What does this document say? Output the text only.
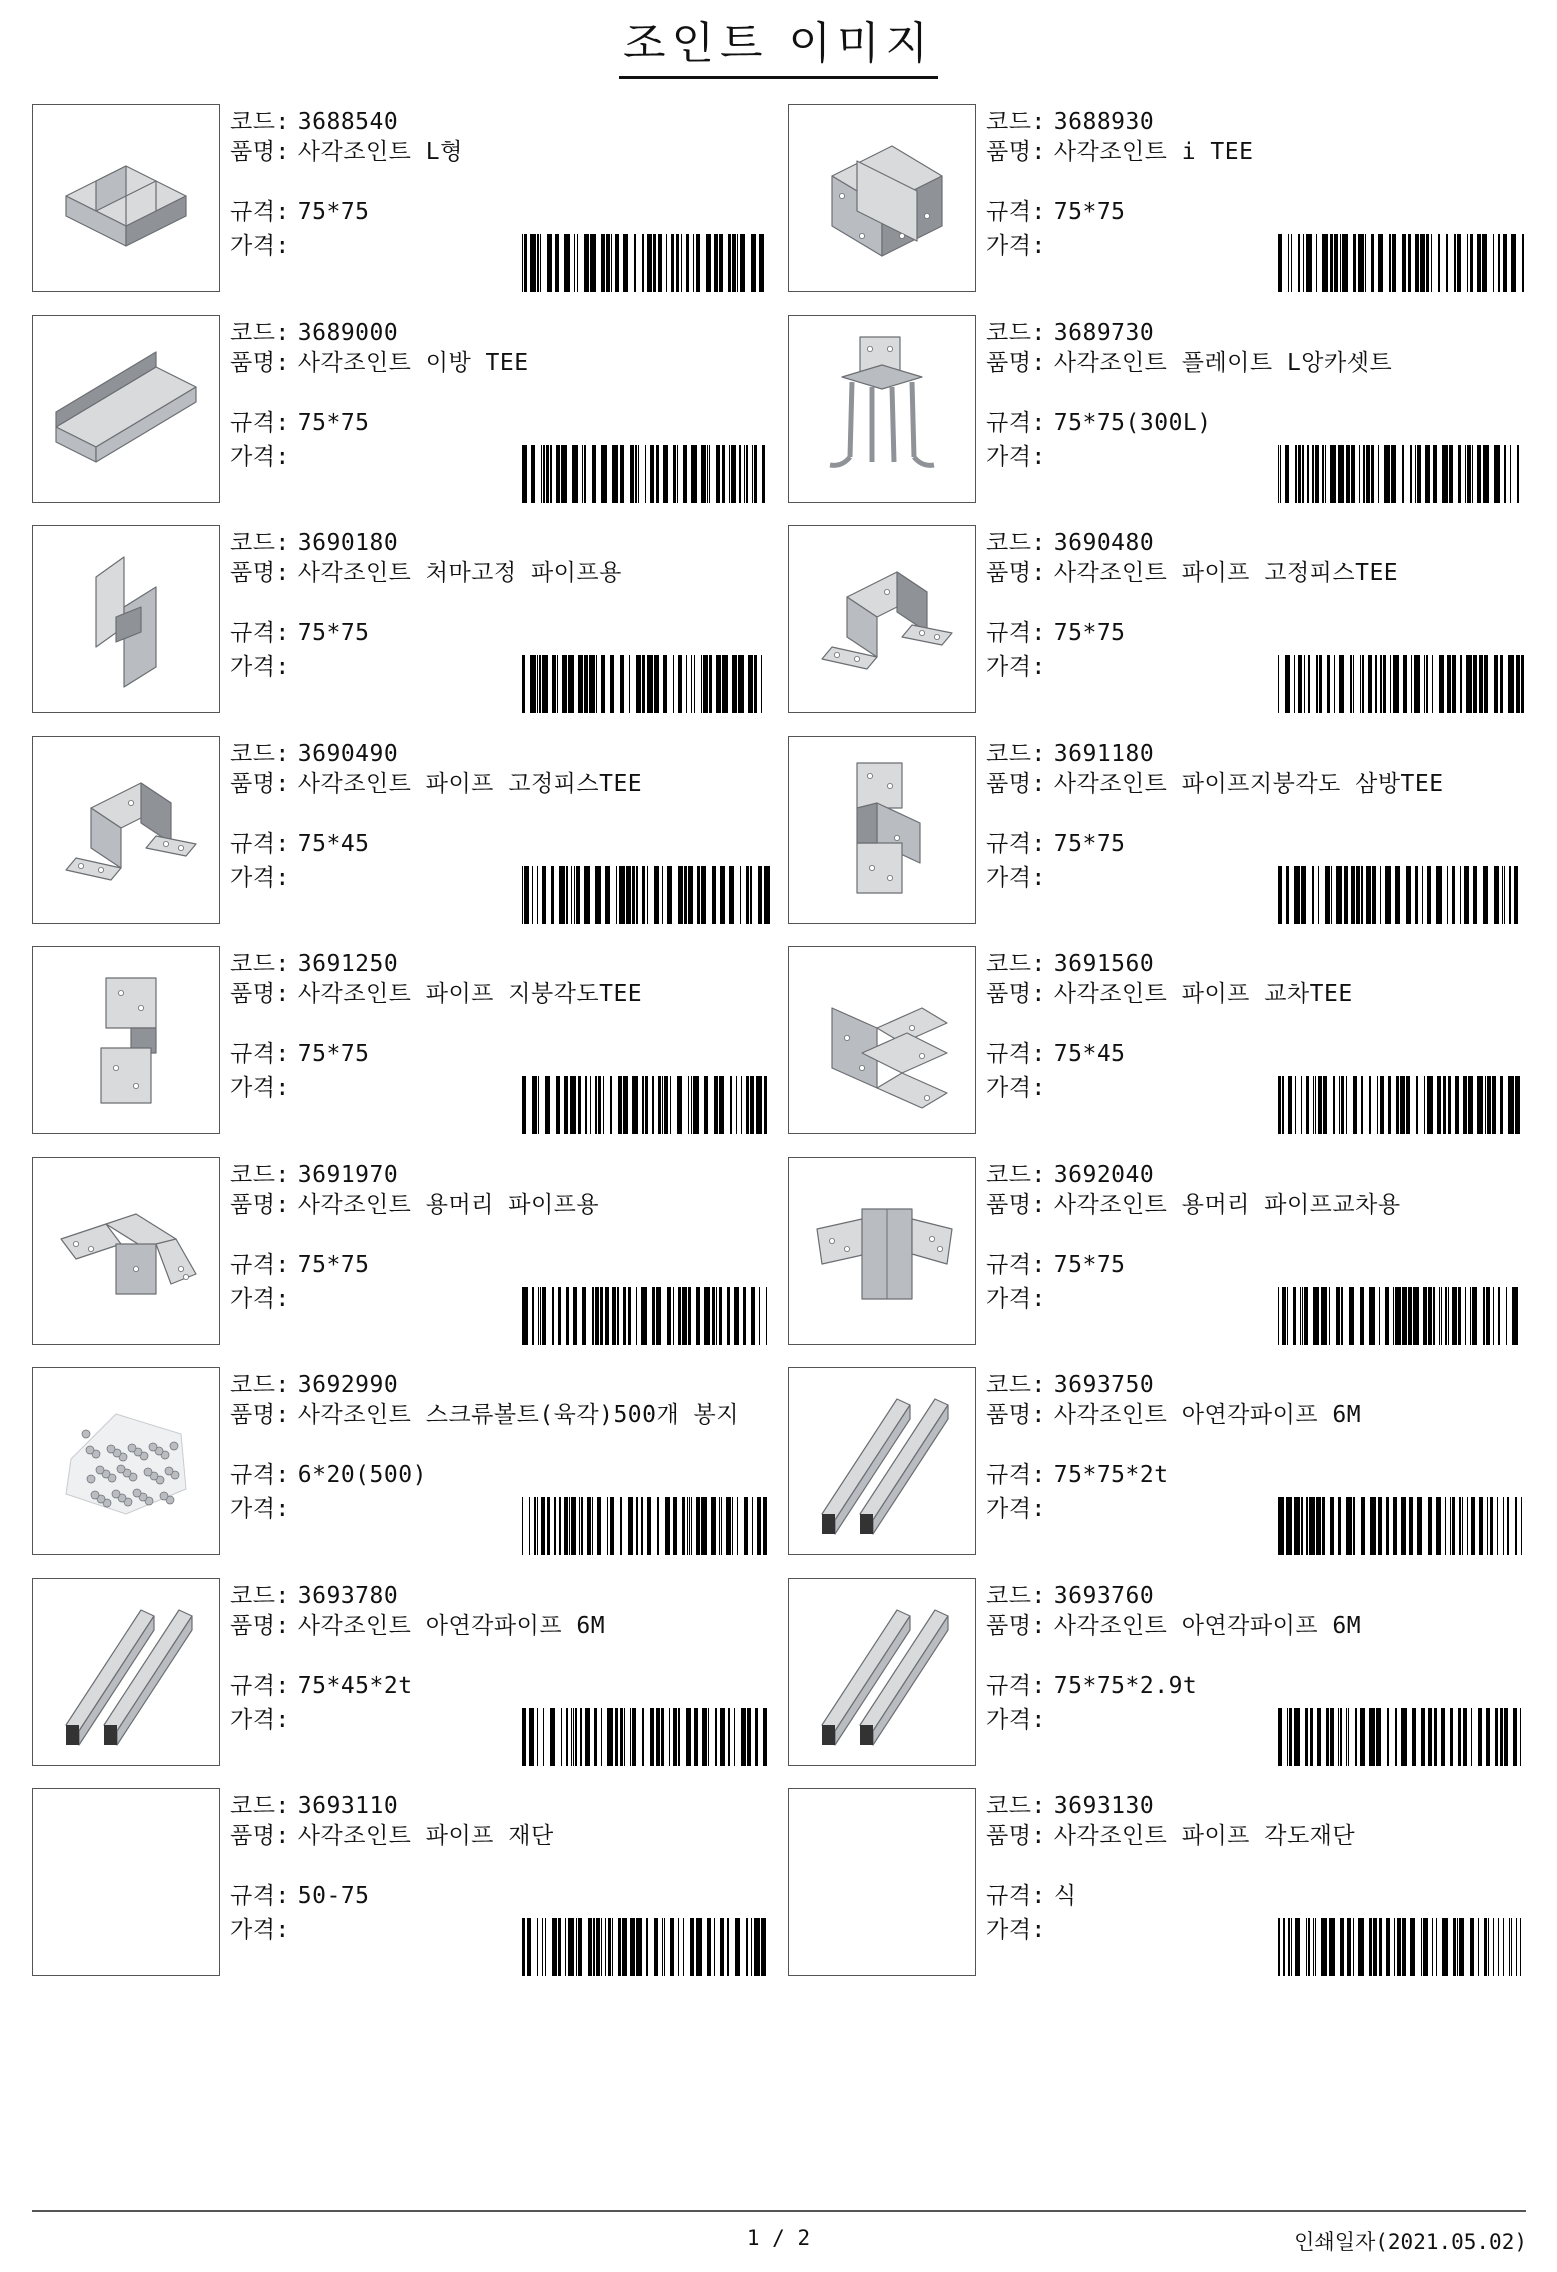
조인트 이미지
코드: 3688540
품명: 사각조인트 L형
규격: 75*75
가격:
코드: 3688930
품명: 사각조인트 i TEE
규격: 75*75
가격:
코드: 3689000
품명: 사각조인트 이방 TEE
규격: 75*75
가격:
코드: 3689730
품명: 사각조인트 플레이트 L앙카셋트
규격: 75*75(300L)
가격:
코드: 3690180
품명: 사각조인트 처마고정 파이프용
규격: 75*75
가격:
코드: 3690480
품명: 사각조인트 파이프 고정피스TEE
규격: 75*75
가격:
코드: 3690490
품명: 사각조인트 파이프 고정피스TEE
규격: 75*45
가격:
코드: 3691180
품명: 사각조인트 파이프지붕각도 삼방TEE
규격: 75*75
가격:
코드: 3691250
품명: 사각조인트 파이프 지붕각도TEE
규격: 75*75
가격:
코드: 3691560
품명: 사각조인트 파이프 교차TEE
규격: 75*45
가격:
코드: 3691970
품명: 사각조인트 용머리 파이프용
규격: 75*75
가격:
코드: 3692040
품명: 사각조인트 용머리 파이프교차용
규격: 75*75
가격:
코드: 3692990
품명: 사각조인트 스크류볼트(육각)500개 봉지
규격: 6*20(500)
가격:
코드: 3693750
품명: 사각조인트 아연각파이프 6M
규격: 75*75*2t
가격:
코드: 3693780
품명: 사각조인트 아연각파이프 6M
규격: 75*45*2t
가격:
코드: 3693760
품명: 사각조인트 아연각파이프 6M
규격: 75*75*2.9t
가격:
코드: 3693110
품명: 사각조인트 파이프 재단
규격: 50-75
가격:
코드: 3693130
품명: 사각조인트 파이프 각도재단
규격: 식
가격:
1 / 2	인쇄일자(2021.05.02)
